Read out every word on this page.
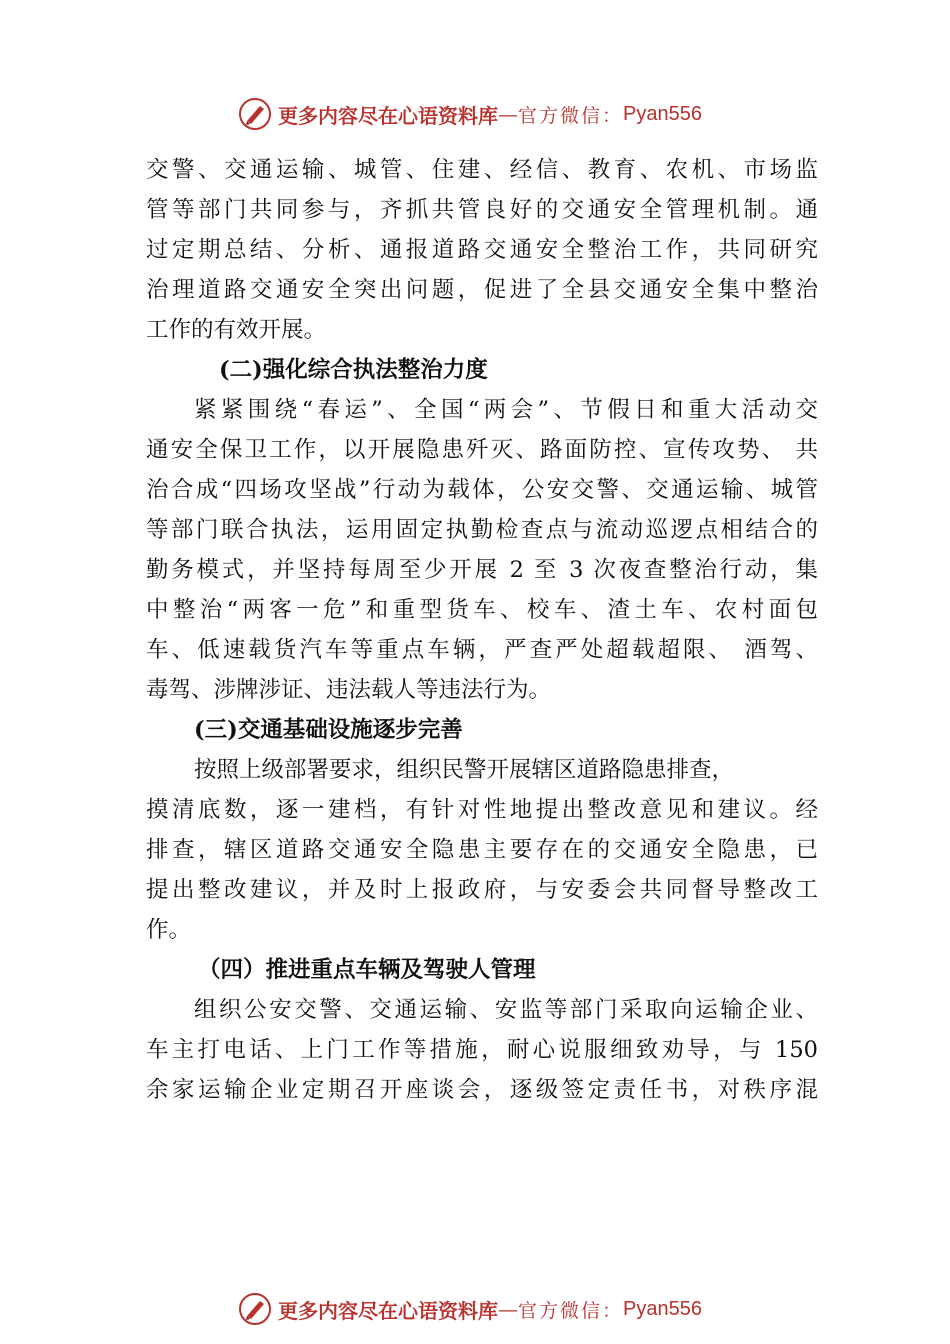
更多内容尽在心语资料库 — 官方微信： Pyan556
交警、交通运输、城管、住建、经信、教育、农机、市场监
管等部门共同参与，齐抓共管良好的交通安全管理机制。通
过定期总结、分析、通报道路交通安全整治工作，共同研究
治理道路交通安全突出问题，促进了全县交通安全集中整治
工作的有效开展。
(二)强化综合执法整治力度
紧紧围绕“春运”、全国“两会”、节假日和重大活动交
通安全保卫工作，以开展隐患歼灭、路面防控、宣传攻势、 共
治合成“四场攻坚战”行动为载体，公安交警、交通运输、城管
等部门联合执法，运用固定执勤检查点与流动巡逻点相结合的
勤务模式，并坚持每周至少开展 2 至 3 次夜查整治行动，集
中整治“两客一危”和重型货车、校车、渣土车、农村面包
车、低速载货汽车等重点车辆，严查严处超载超限、 酒驾、
毒驾、涉牌涉证、违法载人等违法行为。
(三)交通基础设施逐步完善
按照上级部署要求，组织民警开展辖区道路隐患排查，
摸清底数，逐一建档，有针对性地提出整改意见和建议。经
排查，辖区道路交通安全隐患主要存在的交通安全隐患，已
提出整改建议，并及时上报政府，与安委会共同督导整改工
作。
（四）推进重点车辆及驾驶人管理
组织公安交警、交通运输、安监等部门采取向运输企业、
车主打电话、上门工作等措施，耐心说服细致劝导，与 150
余家运输企业定期召开座谈会，逐级签定责任书，对秩序混
更多内容尽在心语资料库 — 官方微信： Pyan556
